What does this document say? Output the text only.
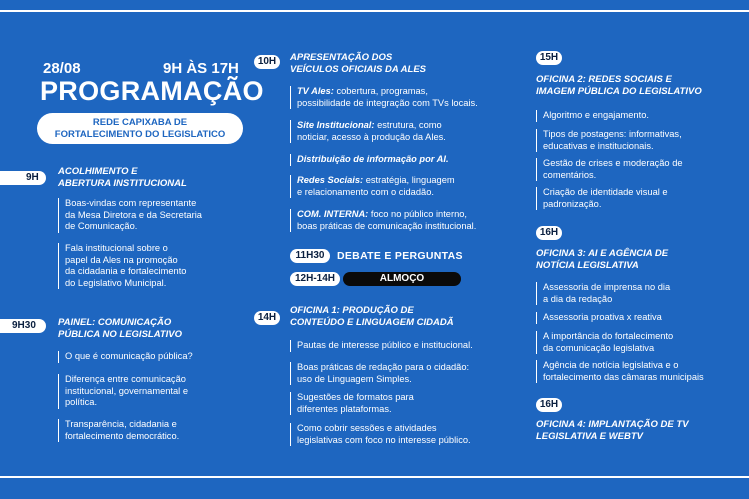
28/08	9H ÀS 17H
PROGRAMAÇÃO
REDE CAPIXABA DE
FORTALECIMENTO DO LEGISLATICO
9H
ACOLHIMENTO E
ABERTURA INSTITUCIONAL
Boas-vindas com representante
da Mesa Diretora e da Secretaria
de Comunicação.
Fala institucional sobre o
papel da Ales na promoção
da cidadania e fortalecimento
do Legislativo Municipal.
9H30	PAINEL: COMUNICAÇÃO
PÚBLICA NO LEGISLATIVO
O que é comunicação pública?
Diferença entre comunicação
institucional, governamental e
política.
Transparência, cidadania e
fortalecimento democrático.
10H	APRESENTAÇÃO DOS
VEÍCULOS OFICIAIS DA ALES
TV Ales: cobertura, programas,
possibilidade de integração com TVs locais.
Site Institucional: estrutura, como
noticiar, acesso à produção da Ales.
Distribuição de informação por AI.
Redes Sociais: estratégia, linguagem
e relacionamento com o cidadão.
COM. INTERNA: foco no público interno,
boas práticas de comunicação institucional.
11H30	DEBATE E PERGUNTAS
12H-14H	ALMOÇO
14H
OFICINA 1: PRODUÇÃO DE
CONTEÚDO E LINGUAGEM CIDADÃ
Pautas de interesse público e institucional.
Boas práticas de redação para o cidadão:
uso de Linguagem Simples.
Sugestões de formatos para
diferentes plataformas.
Como cobrir sessões e atividades
legislativas com foco no interesse público.
15H
OFICINA 2: REDES SOCIAIS E
IMAGEM PÚBLICA DO LEGISLATIVO
Algoritmo e engajamento.
Tipos de postagens: informativas,
educativas e institucionais.
Gestão de crises e moderação de
comentários.
Criação de identidade visual e
padronização.
16H
OFICINA 3: AI E AGÊNCIA DE
NOTÍCIA LEGISLATIVA
Assessoria de imprensa no dia
a dia da redação
Assessoria proativa x reativa
A importância do fortalecimento
da comunicação legislativa
Agência de notícia legislativa e o
fortalecimento das câmaras municipais
16H
OFICINA 4: IMPLANTAÇÃO DE TV
LEGISLATIVA E WEBTV
